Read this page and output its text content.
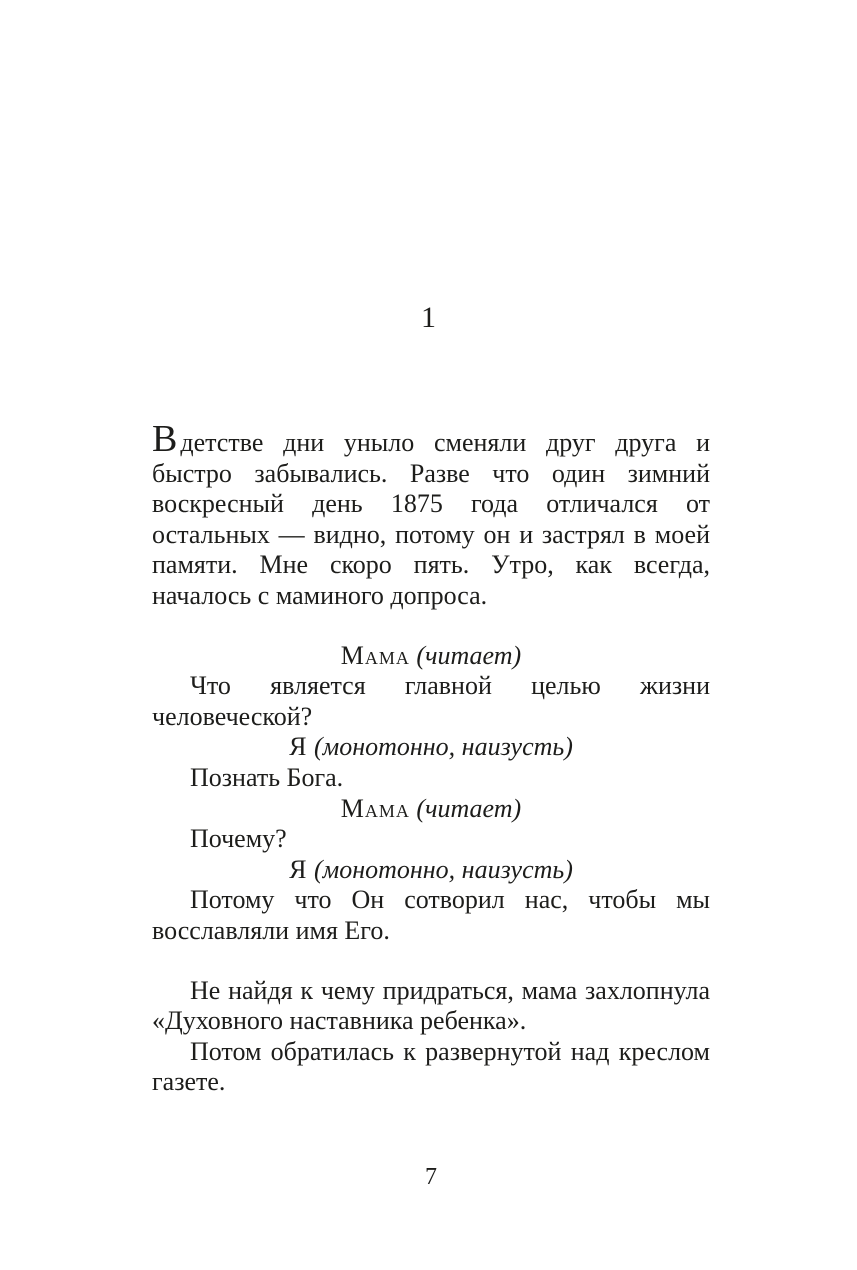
1

В детстве дни уныло сменяли друг друга и быстро забывались. Разве что один зимний воскресный день 1875 года отличался от остальных — видно, потому он и застрял в моей памяти. Мне скоро пять. Утро, как всегда, началось с маминого допроса.

Мама (читает)

Что является главной целью жизни человеческой?

Я (монотонно, наизусть)

Познать Бога.

Мама (читает)

Почему?

Я (монотонно, наизусть)

Потому что Он сотворил нас, чтобы мы восславляли имя Его.

Не найдя к чему придраться, мама захлопнула «Духовного наставника ребенка».

Потом обратилась к развернутой над креслом газете.

7
